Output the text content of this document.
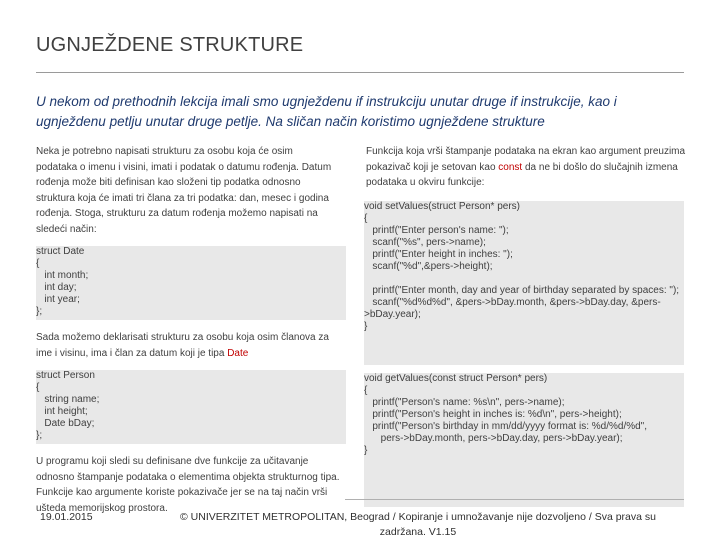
UGNJEŽDENE STRUKTURE
U nekom od prethodnih lekcija imali smo ugnježdenu if instrukciju unutar druge if instrukcije, kao i ugnježdenu petlju unutar druge petlje. Na sličan način koristimo ugnježdene strukture
Neka je potrebno napisati strukturu za osobu koja će osim podataka o imenu i visini, imati i podatak o datumu rođenja. Datum rođenja može biti definisan kao složeni tip podatka odnosno struktura koja će imati tri člana za tri podatka: dan, mesec i godina rođenja. Stoga, strukturu za datum rođenja možemo napisati na sledeći način:
struct Date
{
int month;
int day;
int year;
};
Sada možemo deklarisati strukturu za osobu koja osim članova za ime i visinu, ima i član za datum koji je tipa Date
struct Person
{
string name;
int height;
Date bDay;
};
U programu koji sledi su definisane dve funkcije za učitavanje odnosno štampanje podataka o elementima objekta strukturnog tipa. Funkcije kao argumente koriste pokazivače jer se na taj način vrši ušteda memorijskog prostora.
Funkcija koja vrši štampanje podataka na ekran kao argument preuzima pokazivač koji je setovan kao const da ne bi došlo do slučajnih izmena podataka u okviru funkcije:
void setValues(struct Person* pers)
{
printf("Enter person's name: ");
scanf("%s", pers->name);
printf("Enter height in inches: ");
scanf("%d",&pers->height);

printf("Enter month, day and year of birthday separated by spaces: ");
scanf("%d%d%d", &pers->bDay.month, &pers->bDay.day, &pers->bDay.year);
}
void getValues(const struct Person* pers)
{
printf("Person's name: %s\n", pers->name);
printf("Person's height in inches is: %d\n", pers->height);
printf("Person's birthday in mm/dd/yyyy format is: %d/%d/%d",
pers->bDay.month, pers->bDay.day, pers->bDay.year);
}
19.01.2015	© UNIVERZITET METROPOLITAN, Beograd / Kopiranje i umnožavanje nije dozvoljeno / Sva prava su zadržana. V1.15
